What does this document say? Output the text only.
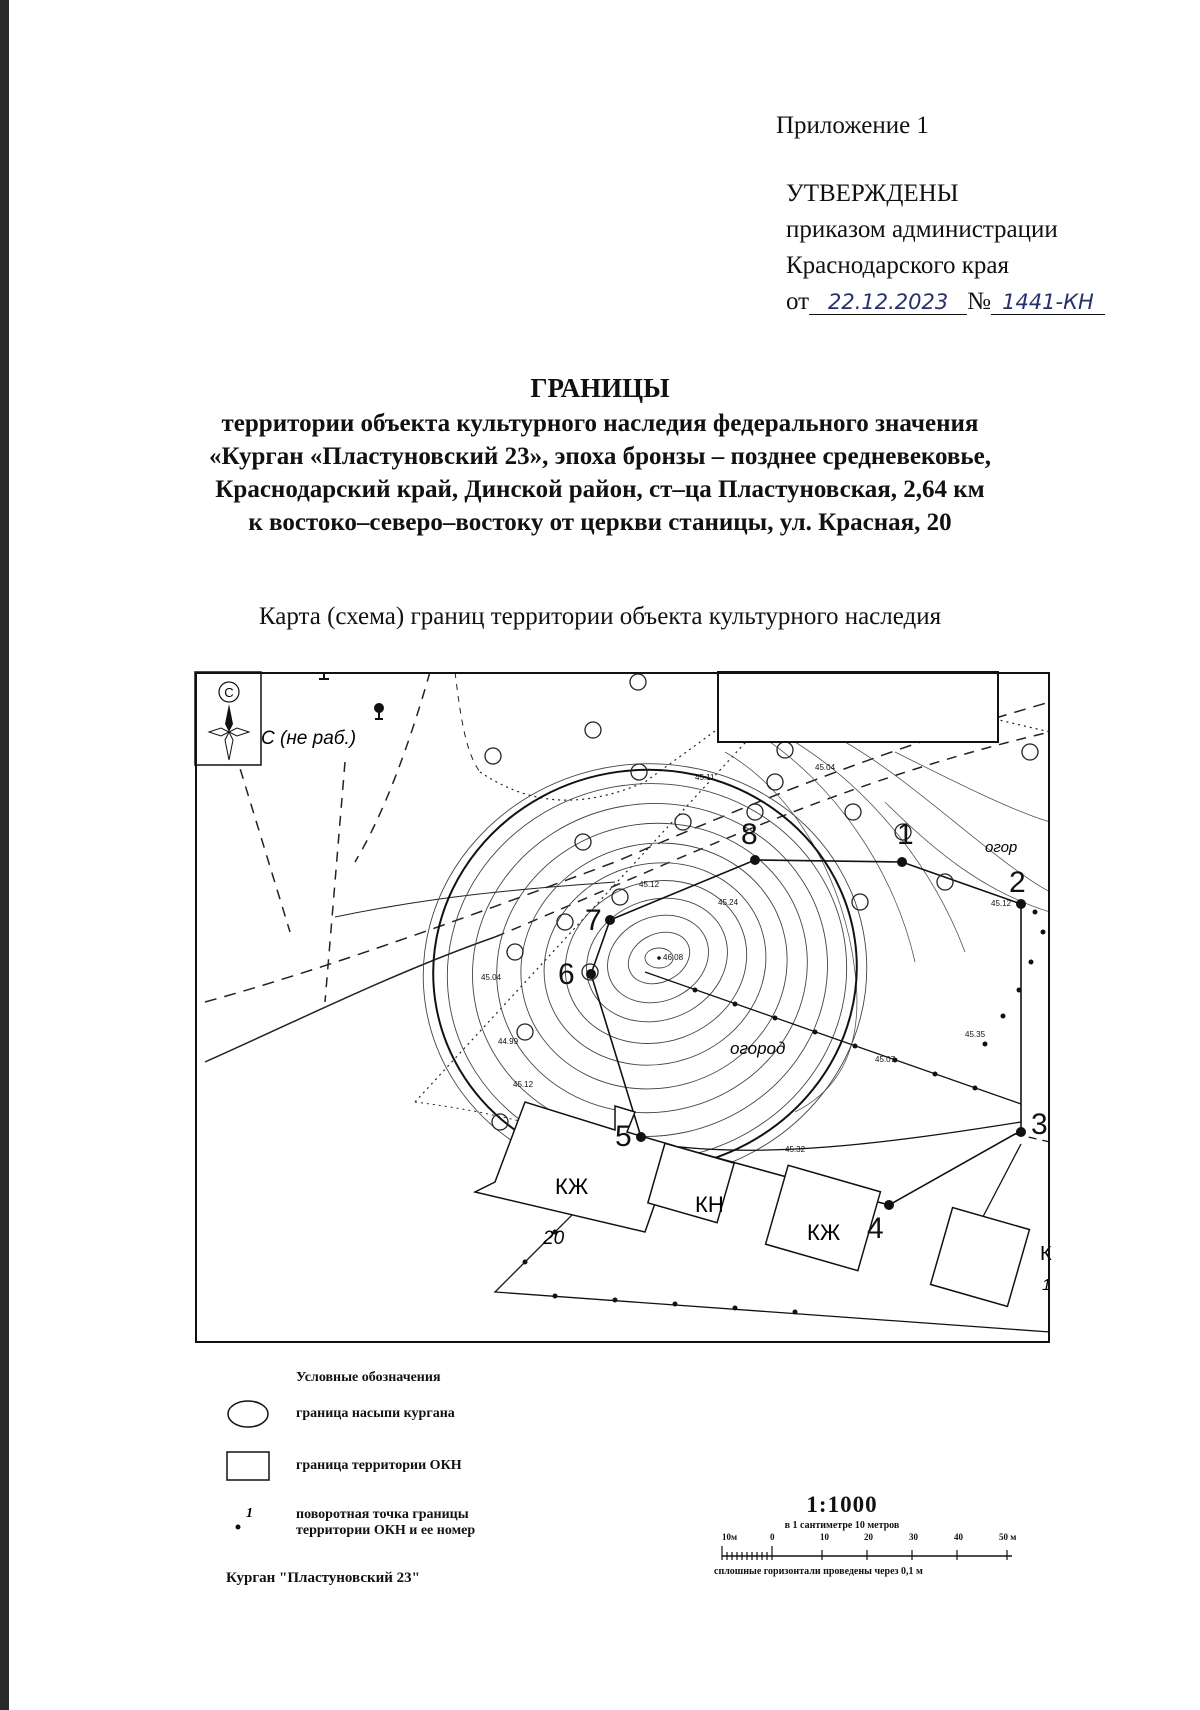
Приложение 1
УТВЕРЖДЕНЫ
приказом администрации
Краснодарского края
от 22.12.2023 № 1441-КН
ГРАНИЦЫ
территории объекта культурного наследия федерального значения
«Курган «Пластуновский 23», эпоха бронзы – позднее средневековье,
Краснодарский край, Динской район, ст–ца Пластуновская, 2,64 км
к востоко–северо–востоку от церкви станицы, ул. Красная, 20
Карта (схема) границ территории объекта культурного наследия
С
С (не раб.)
огород
огор
КЖ
20
КН
КЖ
К
1
46.08
45.04
45.11
45.12
45.24	45.12
45.04
44.99
45.12
45.35
45.07
45.32
1
2
3
4
5
6
7
8
Условные обозначения
граница насыпи кургана
граница территории ОКН
1	поворотная точка границы
территории ОКН и ее номер
1:1000
в 1 сантиметре 10 метров
10м	0	10	20	30	40	50 м
сплошные горизонтали проведены через 0,1 м
Курган "Пластуновский 23"
